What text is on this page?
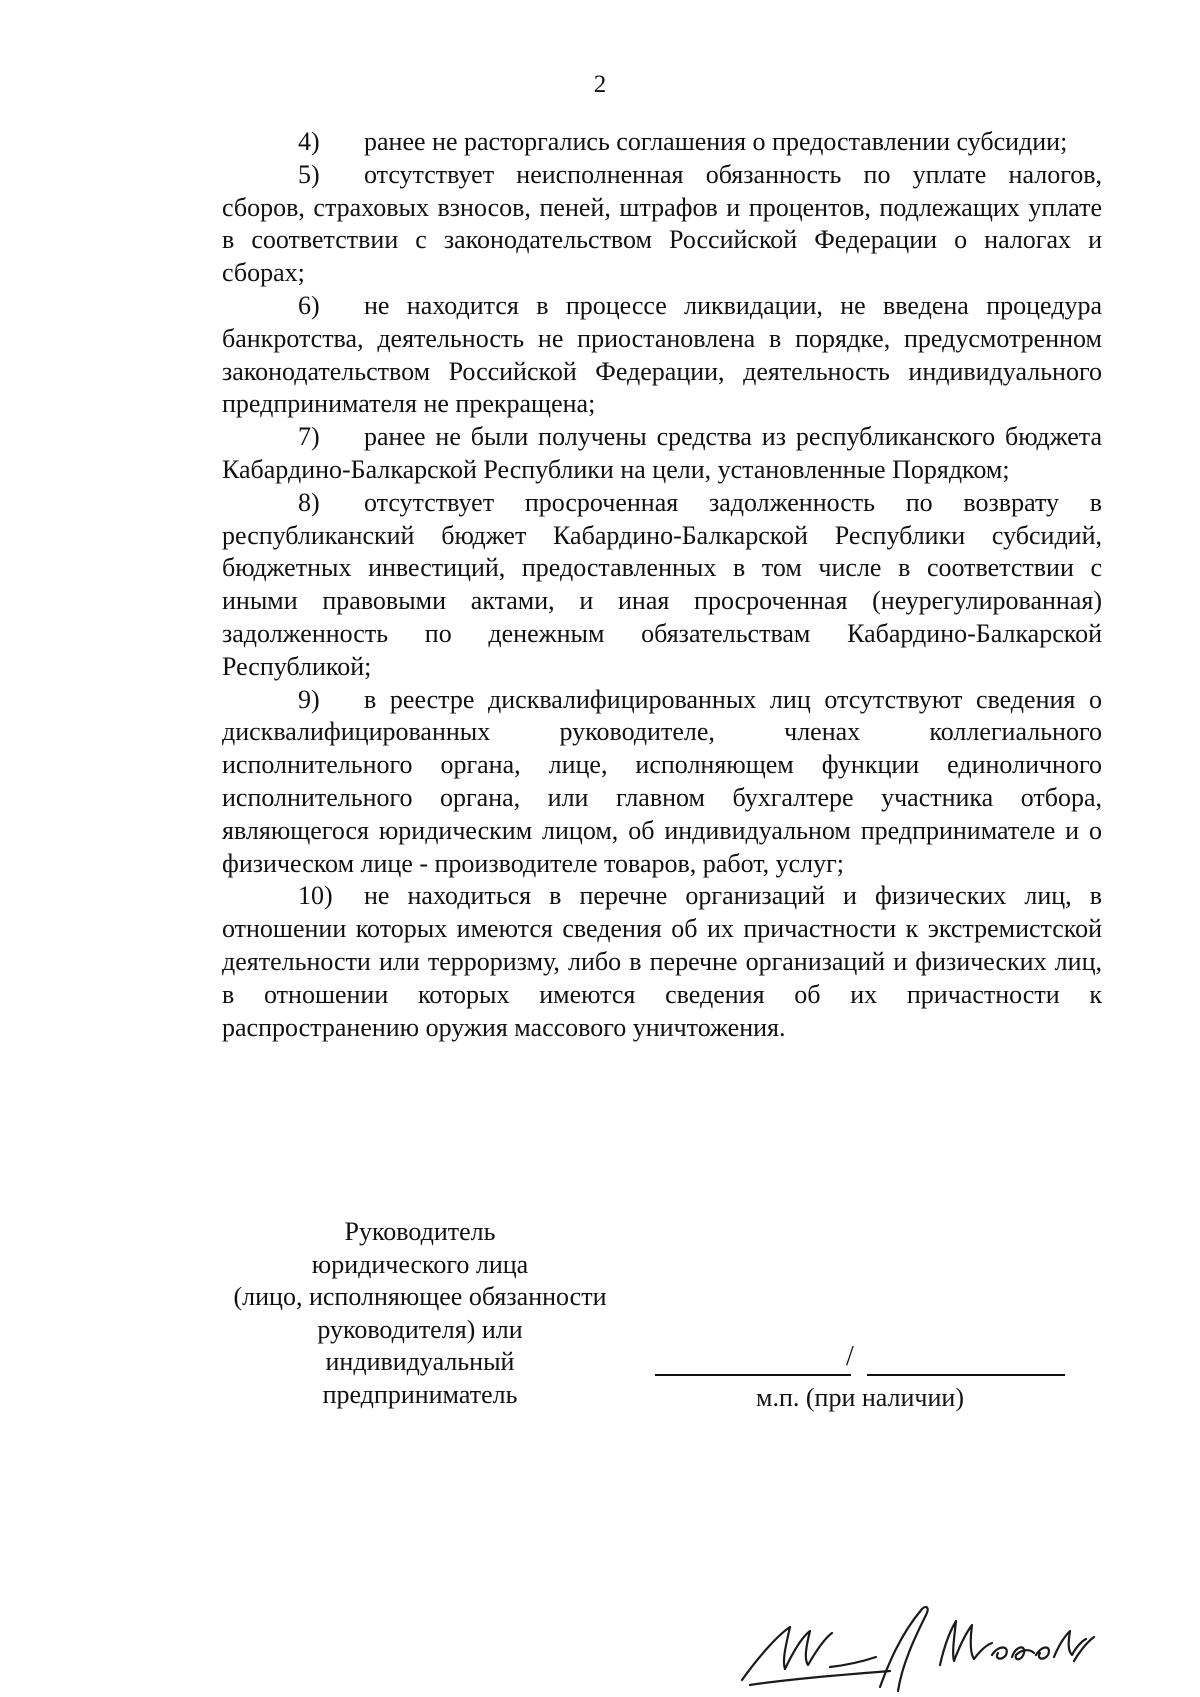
2

4) ранее не расторгались соглашения о предоставлении субсидии;

5) отсутствует неисполненная обязанность по уплате налогов, сборов, страховых взносов, пеней, штрафов и процентов, подлежащих уплате в соответствии с законодательством Российской Федерации о налогах и сборах;

6) не находится в процессе ликвидации, не введена процедура банкротства, деятельность не приостановлена в порядке, предусмотренном законодательством Российской Федерации, деятельность индивидуального предпринимателя не прекращена;

7) ранее не были получены средства из республиканского бюджета Кабардино-Балкарской Республики на цели, установленные Порядком;

8) отсутствует просроченная задолженность по возврату в республиканский бюджет Кабардино-Балкарской Республики субсидий, бюджетных инвестиций, предоставленных в том числе в соответствии с иными правовыми актами, и иная просроченная (неурегулированная) задолженность по денежным обязательствам Кабардино-Балкарской Республикой;

9) в реестре дисквалифицированных лиц отсутствуют сведения о дисквалифицированных руководителе, членах коллегиального исполнительного органа, лице, исполняющем функции единоличного исполнительного органа, или главном бухгалтере участника отбора, являющегося юридическим лицом, об индивидуальном предпринимателе и о физическом лице - производителе товаров, работ, услуг;

10) не находиться в перечне организаций и физических лиц, в отношении которых имеются сведения об их причастности к экстремистской деятельности или терроризму, либо в перечне организаций и физических лиц, в отношении которых имеются сведения об их причастности к распространению оружия массового уничтожения.

Руководитель
юридического лица
(лицо, исполняющее обязанности
руководителя) или
индивидуальный
предприниматель
/
м.п. (при наличии)
